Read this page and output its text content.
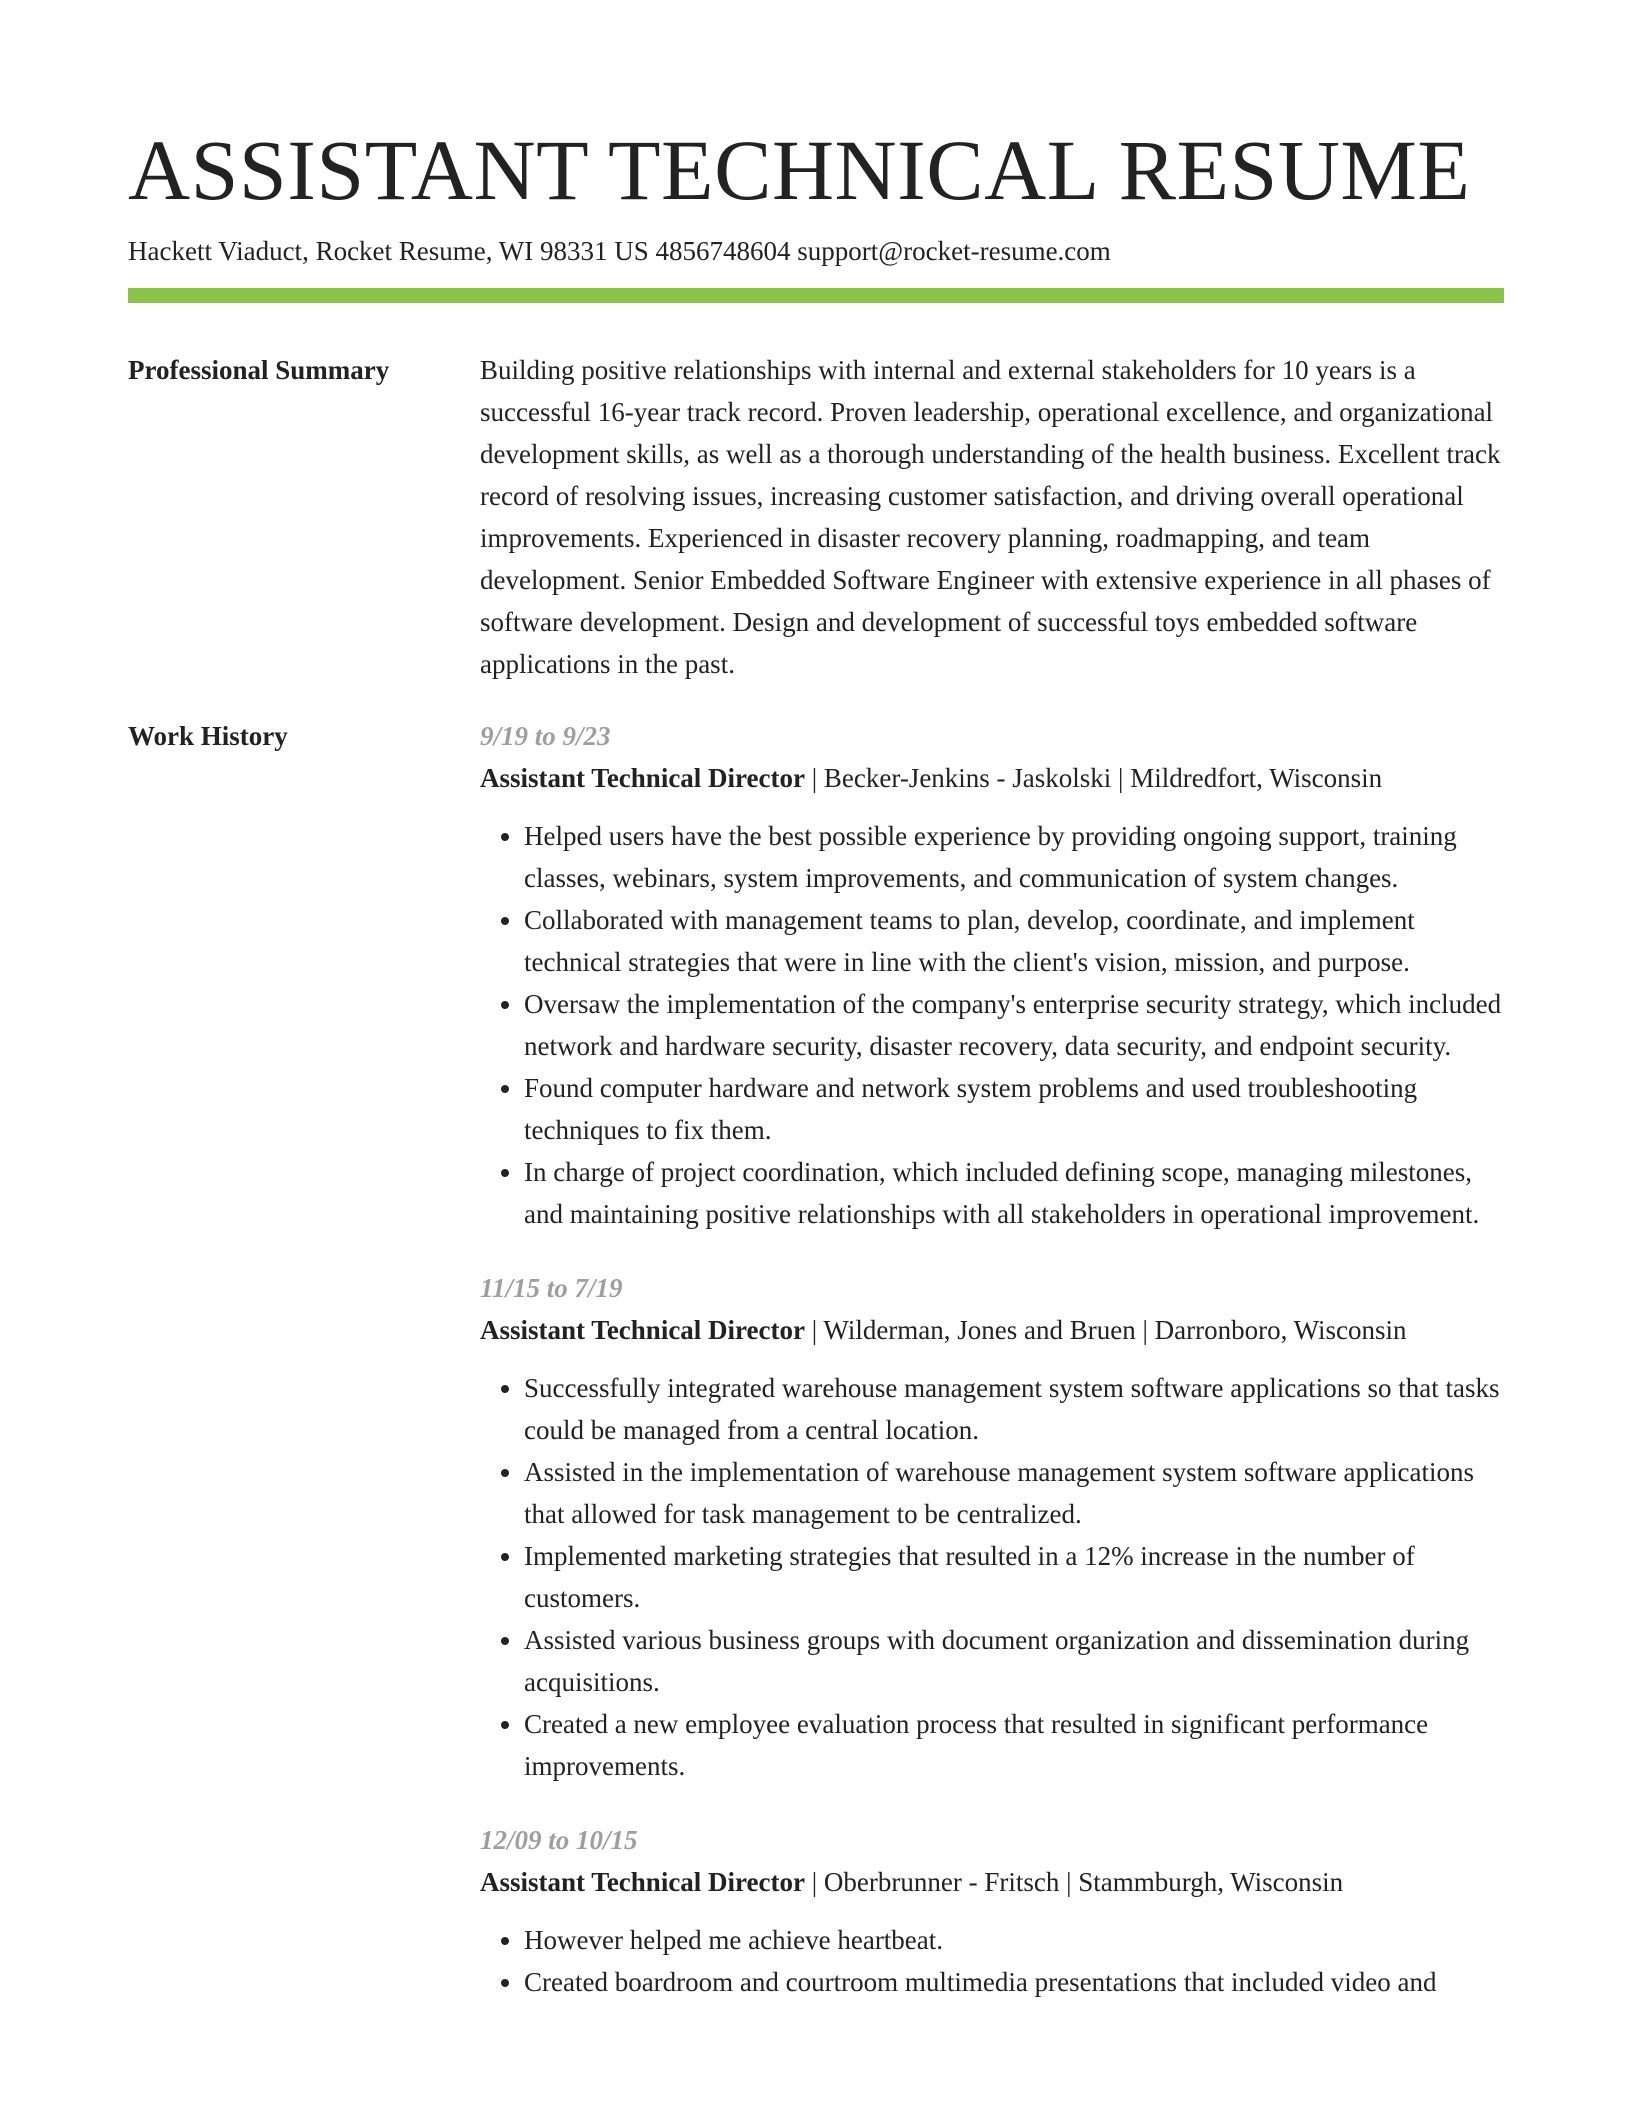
ASSISTANT TECHNICAL RESUME
Hackett Viaduct, Rocket Resume, WI 98331 US 4856748604 support@rocket-resume.com
Professional Summary	Building positive relationships with internal and external stakeholders for 10 years is a successful 16-year track record. Proven leadership, operational excellence, and organizational development skills, as well as a thorough understanding of the health business. Excellent track record of resolving issues, increasing customer satisfaction, and driving overall operational improvements. Experienced in disaster recovery planning, roadmapping, and team development. Senior Embedded Software Engineer with extensive experience in all phases of software development. Design and development of successful toys embedded software applications in the past.

Work History	9/19 to 9/23
Assistant Technical Director | Becker-Jenkins - Jaskolski | Mildredfort, Wisconsin
• Helped users have the best possible experience by providing ongoing support, training classes, webinars, system improvements, and communication of system changes.
• Collaborated with management teams to plan, develop, coordinate, and implement technical strategies that were in line with the client's vision, mission, and purpose.
• Oversaw the implementation of the company's enterprise security strategy, which included network and hardware security, disaster recovery, data security, and endpoint security.
• Found computer hardware and network system problems and used troubleshooting techniques to fix them.
• In charge of project coordination, which included defining scope, managing milestones, and maintaining positive relationships with all stakeholders in operational improvement.
11/15 to 7/19
Assistant Technical Director | Wilderman, Jones and Bruen | Darronboro, Wisconsin
• Successfully integrated warehouse management system software applications so that tasks could be managed from a central location.
• Assisted in the implementation of warehouse management system software applications that allowed for task management to be centralized.
• Implemented marketing strategies that resulted in a 12% increase in the number of customers.
• Assisted various business groups with document organization and dissemination during acquisitions.
• Created a new employee evaluation process that resulted in significant performance improvements.
12/09 to 10/15
Assistant Technical Director | Oberbrunner - Fritsch | Stammburgh, Wisconsin
• However helped me achieve heartbeat.
• Created boardroom and courtroom multimedia presentations that included video and
